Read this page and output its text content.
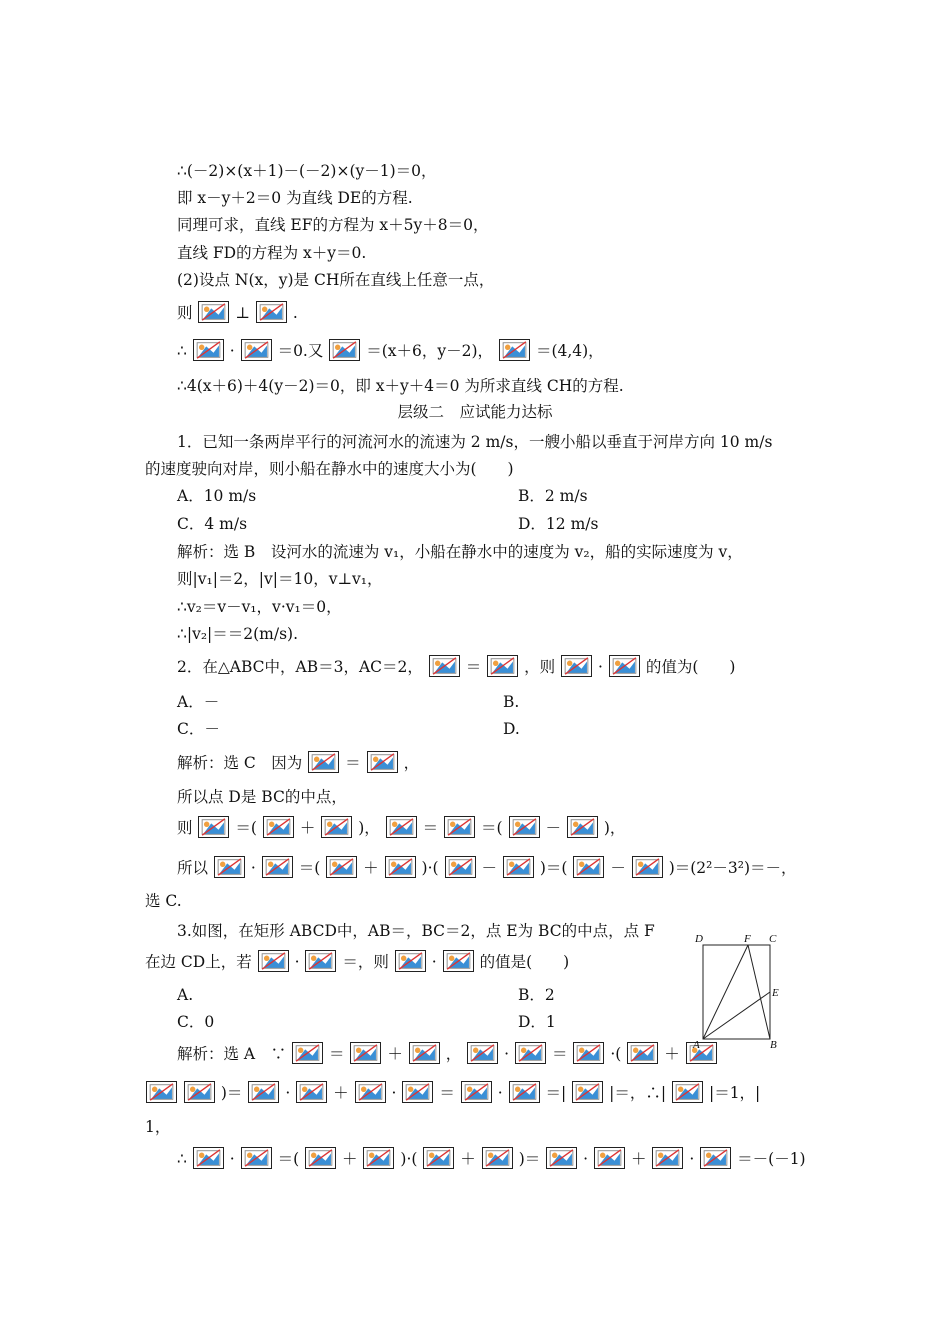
∴(－2)×(x＋1)－(－2)×(y－1)＝0，
即 x－y＋2＝0 为直线 DE的方程.
同理可求，直线 EF的方程为 x＋5y＋8＝0，
直线 FD的方程为 x＋y＝0.
(2)设点 N(x，y)是 CH所在直线上任意一点，
则	⊥	.
∴	·	＝0.又	＝(x＋6，y－2)，	＝(4,4)，
∴4(x＋6)＋4(y－2)＝0，即 x＋y＋4＝0 为所求直线 CH的方程.
层级二　应试能力达标
1．已知一条两岸平行的河流河水的流速为 2 m/s，一艘小船以垂直于河岸方向 10 m/s
的速度驶向对岸，则小船在静水中的速度大小为(　　)
A．10 m/s	B．2 m/s
C．4 m/s	D．12 m/s
解析：选 B　设河水的流速为 v₁，小船在静水中的速度为 v₂，船的实际速度为 v，
则|v₁|＝2，|v|＝10，v⊥v₁，
∴v₂＝v－v₁，v·v₁＝0，
∴|v₂|＝＝2(m/s).
2．在△ABC中，AB＝3，AC＝2，	＝	，则	·	的值为(　　)
A．－	B.
C．－	D.
解析：选 C　因为	＝	，
所以点 D是 BC的中点，
则	＝(	＋	)，	＝	＝(	－	)，
所以	·	＝(	＋	)·(	－	)＝(	－	)＝(2²－3²)＝－，
选 C.
3.如图，在矩形 ABCD中，AB＝，BC＝2，点 E为 BC的中点，点 F
在边 CD上，若	·	＝，则	·	的值是(　　)
A.	B．2
C．0	D．1
解析：选 A　∵	＝	＋	，	·	＝	·(	＋

)＝	·	＋	·	＝	·	＝|	|＝，∴|	|＝1，|
1，
∴	·	＝(	＋	)·(	＋	)＝	·	＋	·	＝－(－1)
D	F C
E
A	B
